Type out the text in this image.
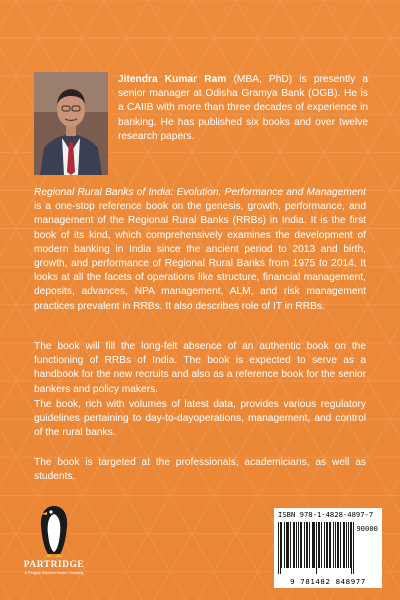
Jitendra Kumar Ram (MBA, PhD) is presently a senior manager at Odisha Gramya Bank (OGB). He is a CAIIB with more than three decades of experience in banking. He has published six books and over twelve research papers.

Regional Rural Banks of India: Evolution, Performance and Management is a one-stop reference book on the genesis, growth, performance, and management of the Regional Rural Banks (RRBs) in India. It is the first book of its kind, which comprehensively examines the development of modern banking in India since the ancient period to 2013 and birth, growth, and performance of Regional Rural Banks from 1975 to 2014. It looks at all the facets of operations like structure, financial management, deposits, advances, NPA management, ALM, and risk management practices prevalent in RRBs. It also describes role of IT in RRBs.

The book will fill the long-felt absence of an authentic book on the functioning of RRBs of India. The book is expected to serve as a handbook for the new recruits and also as a reference book for the senior bankers and policy makers.

The book, rich with volumes of latest data, provides various regulatory guidelines pertaining to day-to-dayoperations, management, and control of the rural banks.

The book is targeted at the professionals, academicians, as well as students.

PARTRIDGE
A Penguin Random House Company
ISBN 978-1-4828-4897-7
90000
9 781482 848977
